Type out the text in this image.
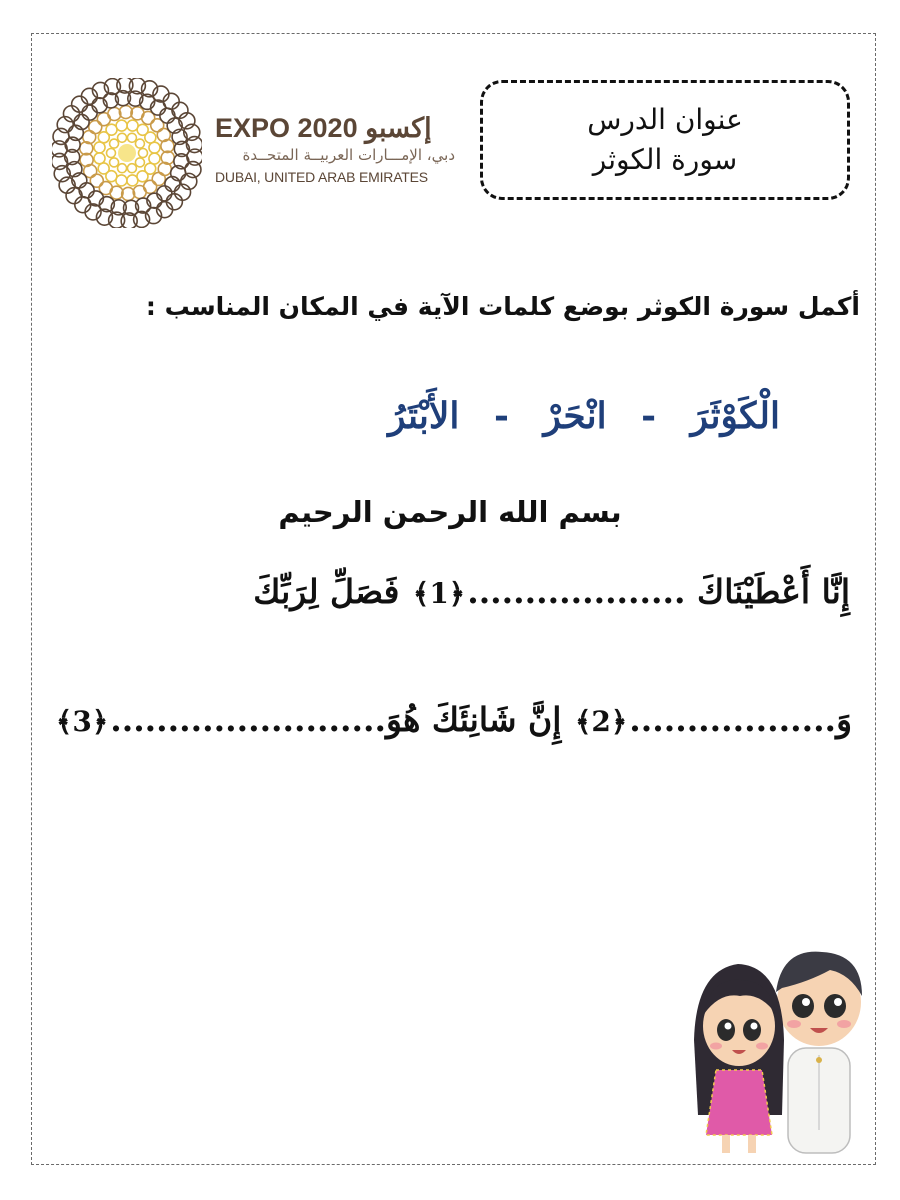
EXPO 2020 إكسبو
دبي، الإمـــارات العربيــة المتحــدة
DUBAI, UNITED ARAB EMIRATES
عنوان الدرس
سورة الكوثر
أكمل سورة الكوثر بوضع كلمات الآية في المكان المناسب :
الْكَوْثَرَ - انْحَرْ - الأَبْتَرُ
بسم الله الرحمن الرحيم
إِنَّا أَعْطَيْنَاكَ ...................﴿1﴾ فَصَلِّ لِرَبِّكَ
وَ..................﴿2﴾ إِنَّ شَانِئَكَ هُوَ........................﴿3﴾
